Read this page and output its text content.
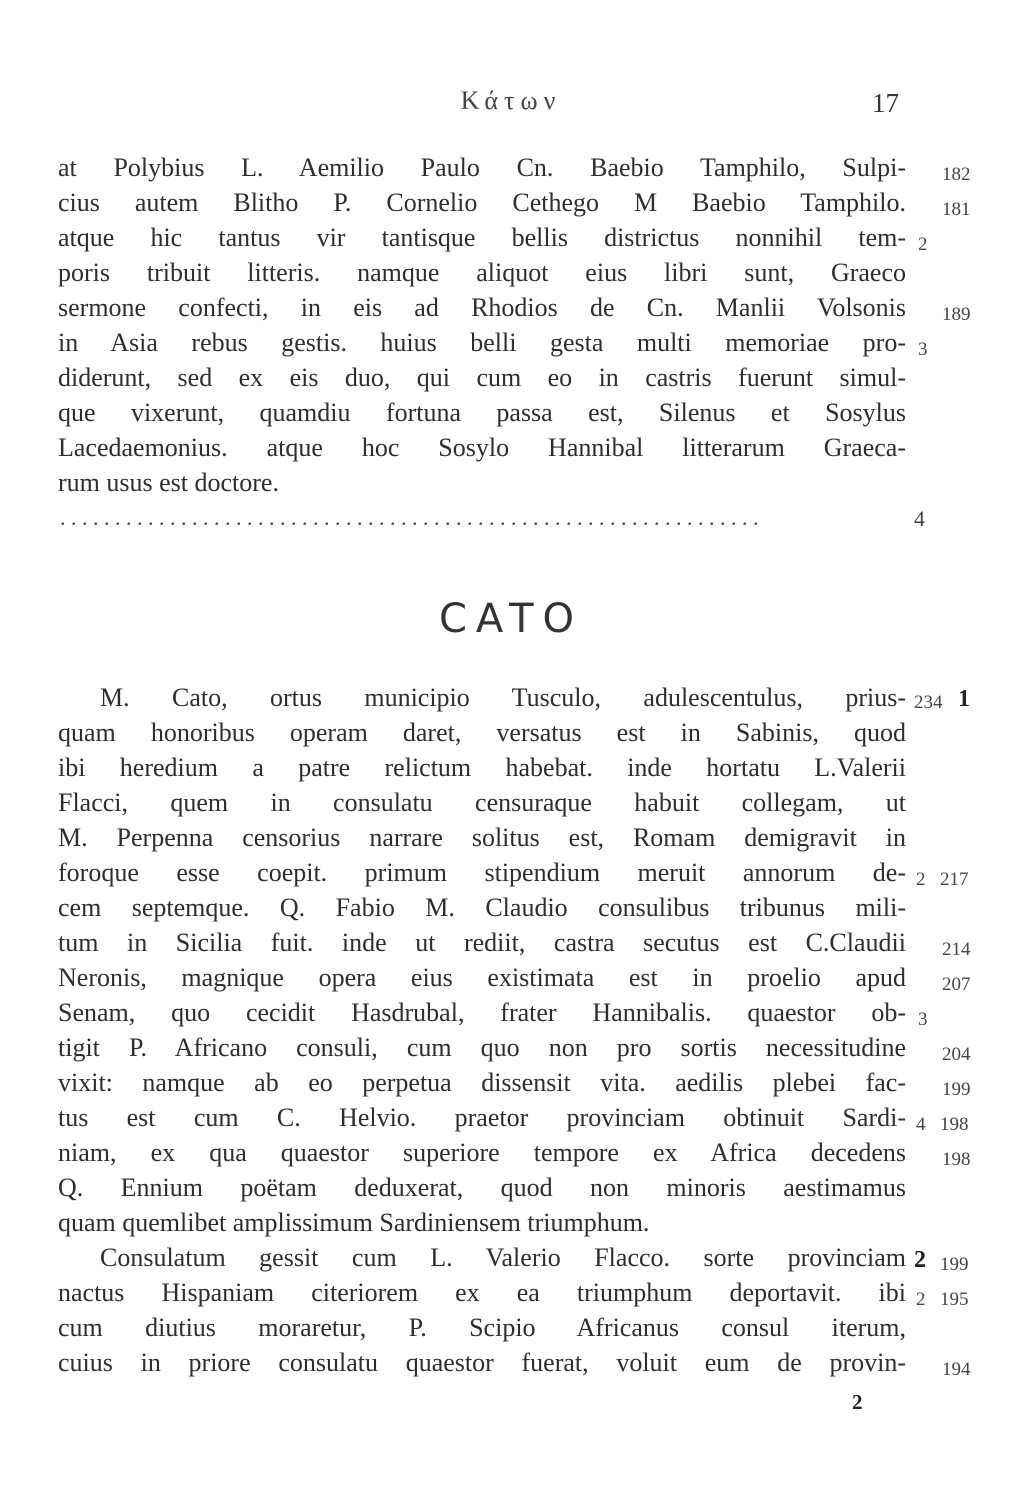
Κάτων	17
at Polybius L. Aemilio Paulo Cn. Baebio Tamphilo, Sulpi-
cius autem Blitho P. Cornelio Cethego M Baebio Tamphilo.
atque hic tantus vir tantisque bellis districtus nonnihil tem-
poris tribuit litteris. namque aliquot eius libri sunt, Graeco
sermone confecti, in eis ad Rhodios de Cn. Manlii Volsonis
in Asia rebus gestis. huius belli gesta multi memoriae pro-
diderunt, sed ex eis duo, qui cum eo in castris fuerunt simul-
que vixerunt, quamdiu fortuna passa est, Silenus et Sosylus
Lacedaemonius. atque hoc Sosylo Hannibal litterarum Graeca-
rum usus est doctore.
182
181
2
189
3
. . . . . . . . . . . . . . . . . . . . . . . . . . . . . . . . . . . . . . . . . . . . . . . . . . . . . . . . . . . . . . . .	4
CATO
M. Cato, ortus municipio Tusculo, adulescentulus, prius-
quam honoribus operam daret, versatus est in Sabinis, quod
ibi heredium a patre relictum habebat. inde hortatu L.Valerii
Flacci, quem in consulatu censuraque habuit collegam, ut
M. Perpenna censorius narrare solitus est, Romam demigravit in
foroque esse coepit. primum stipendium meruit annorum de-
cem septemque. Q. Fabio M. Claudio consulibus tribunus mili-
tum in Sicilia fuit. inde ut rediit, castra secutus est C.Claudii
Neronis, magnique opera eius existimata est in proelio apud
Senam, quo cecidit Hasdrubal, frater Hannibalis. quaestor ob-
tigit P. Africano consuli, cum quo non pro sortis necessitudine
vixit: namque ab eo perpetua dissensit vita. aedilis plebei fac-
tus est cum C. Helvio. praetor provinciam obtinuit Sardi-
niam, ex qua quaestor superiore tempore ex Africa decedens
Q. Ennium poëtam deduxerat, quod non minoris aestimamus
quam quemlibet amplissimum Sardiniensem triumphum.
Consulatum gessit cum L. Valerio Flacco. sorte provinciam
nactus Hispaniam citeriorem ex ea triumphum deportavit. ibi
cum diutius moraretur, P. Scipio Africanus consul iterum,
cuius in priore consulatu quaestor fuerat, voluit eum de provin-
234 1
2 217
214
207
3
204
199
4 198
198
2 199
2 195
194
2
